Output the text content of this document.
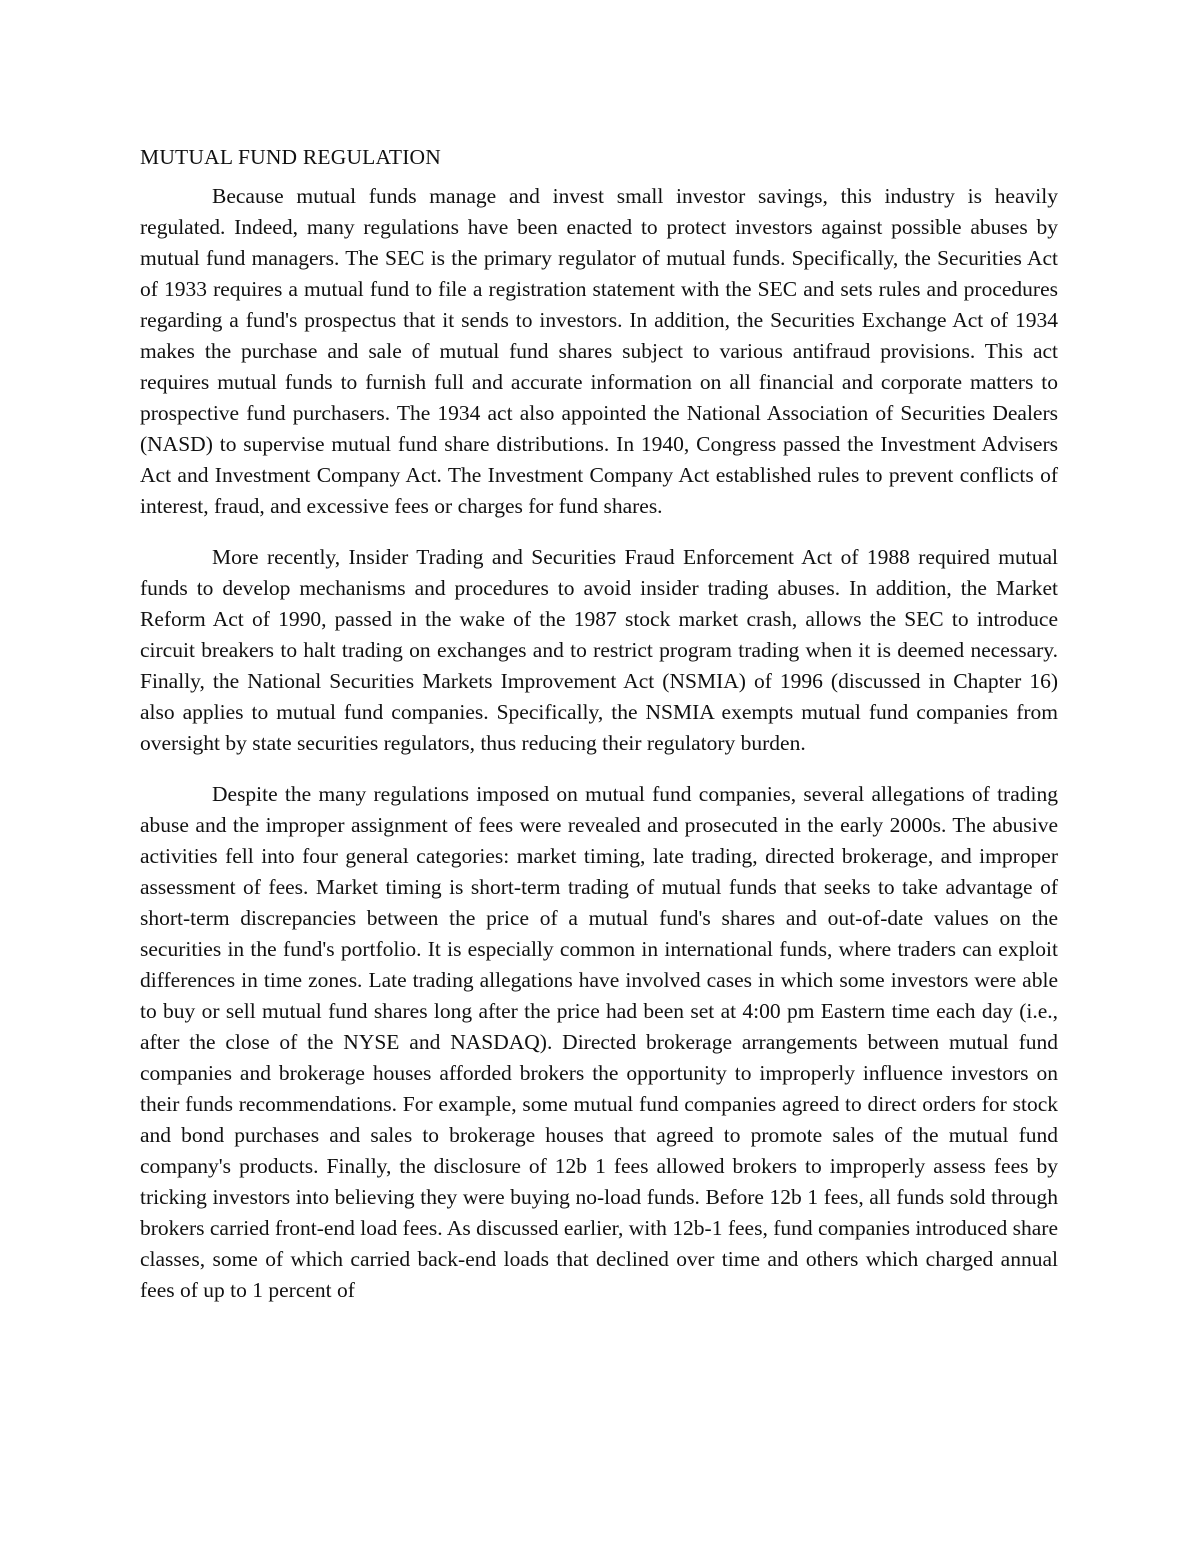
MUTUAL FUND REGULATION

Because mutual funds manage and invest small investor savings, this industry is heavily regulated. Indeed, many regulations have been enacted to protect investors against possible abuses by mutual fund managers. The SEC is the primary regulator of mutual funds. Specifically, the Securities Act of 1933 requires a mutual fund to file a registration statement with the SEC and sets rules and procedures regarding a fund's prospectus that it sends to investors. In addition, the Securities Exchange Act of 1934 makes the purchase and sale of mutual fund shares subject to various antifraud provisions. This act requires mutual funds to furnish full and accurate information on all financial and corporate matters to prospective fund purchasers. The 1934 act also appointed the National Association of Securities Dealers (NASD) to supervise mutual fund share distributions. In 1940, Congress passed the Investment Advisers Act and Investment Company Act. The Investment Company Act established rules to prevent conflicts of interest, fraud, and excessive fees or charges for fund shares.

More recently, Insider Trading and Securities Fraud Enforcement Act of 1988 required mutual funds to develop mechanisms and procedures to avoid insider trading abuses. In addition, the Market Reform Act of 1990, passed in the wake of the 1987 stock market crash, allows the SEC to introduce circuit breakers to halt trading on exchanges and to restrict program trading when it is deemed necessary. Finally, the National Securities Markets Improvement Act (NSMIA) of 1996 (discussed in Chapter 16) also applies to mutual fund companies. Specifically, the NSMIA exempts mutual fund companies from oversight by state securities regulators, thus reducing their regulatory burden.

Despite the many regulations imposed on mutual fund companies, several allegations of trading abuse and the improper assignment of fees were revealed and prosecuted in the early 2000s. The abusive activities fell into four general categories: market timing, late trading, directed brokerage, and improper assessment of fees. Market timing is short-term trading of mutual funds that seeks to take advantage of short-term discrepancies between the price of a mutual fund's shares and out-of-date values on the securities in the fund's portfolio. It is especially common in international funds, where traders can exploit differences in time zones. Late trading allegations have involved cases in which some investors were able to buy or sell mutual fund shares long after the price had been set at 4:00 pm Eastern time each day (i.e., after the close of the NYSE and NASDAQ). Directed brokerage arrangements between mutual fund companies and brokerage houses afforded brokers the opportunity to improperly influence investors on their funds recommendations. For example, some mutual fund companies agreed to direct orders for stock and bond purchases and sales to brokerage houses that agreed to promote sales of the mutual fund company's products. Finally, the disclosure of 12b 1 fees allowed brokers to improperly assess fees by tricking investors into believing they were buying no-load funds. Before 12b 1 fees, all funds sold through brokers carried front-end load fees. As discussed earlier, with 12b-1 fees, fund companies introduced share classes, some of which carried back-end loads that declined over time and others which charged annual fees of up to 1 percent of
